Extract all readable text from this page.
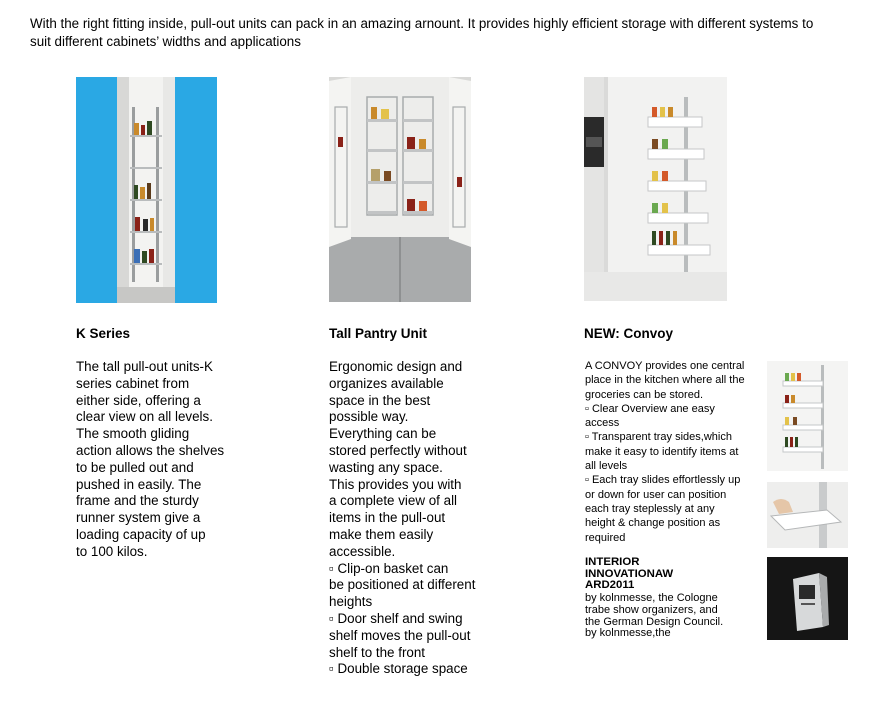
With the right fitting inside, pull-out units can pack in an amazing arnount. It provides highly efficient storage with different systems to
suit different cabinets’ widths and applications
K Series	Tall Pantry Unit	NEW: Convoy
The tall pull-out units-K
series cabinet from
either side, offering a
clear view on all levels.
The smooth gliding
action allows the shelves
to be pulled out and
pushed in easily. The
frame and the sturdy
runner system give a
loading capacity of up
to 100 kilos.
Ergonomic design and
organizes available
space in the best
possible way.
Everything can be
stored perfectly without
wasting any space.
This provides you with
a complete view of all
items in the pull-out
make them easily
accessible.
▫ Clip-on basket can
be positioned at different
heights
▫ Door shelf and swing
shelf moves the pull-out
shelf to the front
▫ Double storage space
A CONVOY provides one central
place in the kitchen where all the
groceries can be stored.
▫ Clear Overview ane easy
access
▫ Transparent tray sides,which
make it easy to identify items at
all levels
▫ Each tray slides effortlessly up
or down for user can position
each tray steplessly at any
height & change position as
required
INTERIOR
INNOVATIONAW
ARD2011
by kolnmesse, the Cologne
trabe show organizers, and
the German Design Council.
by kolnmesse,the
